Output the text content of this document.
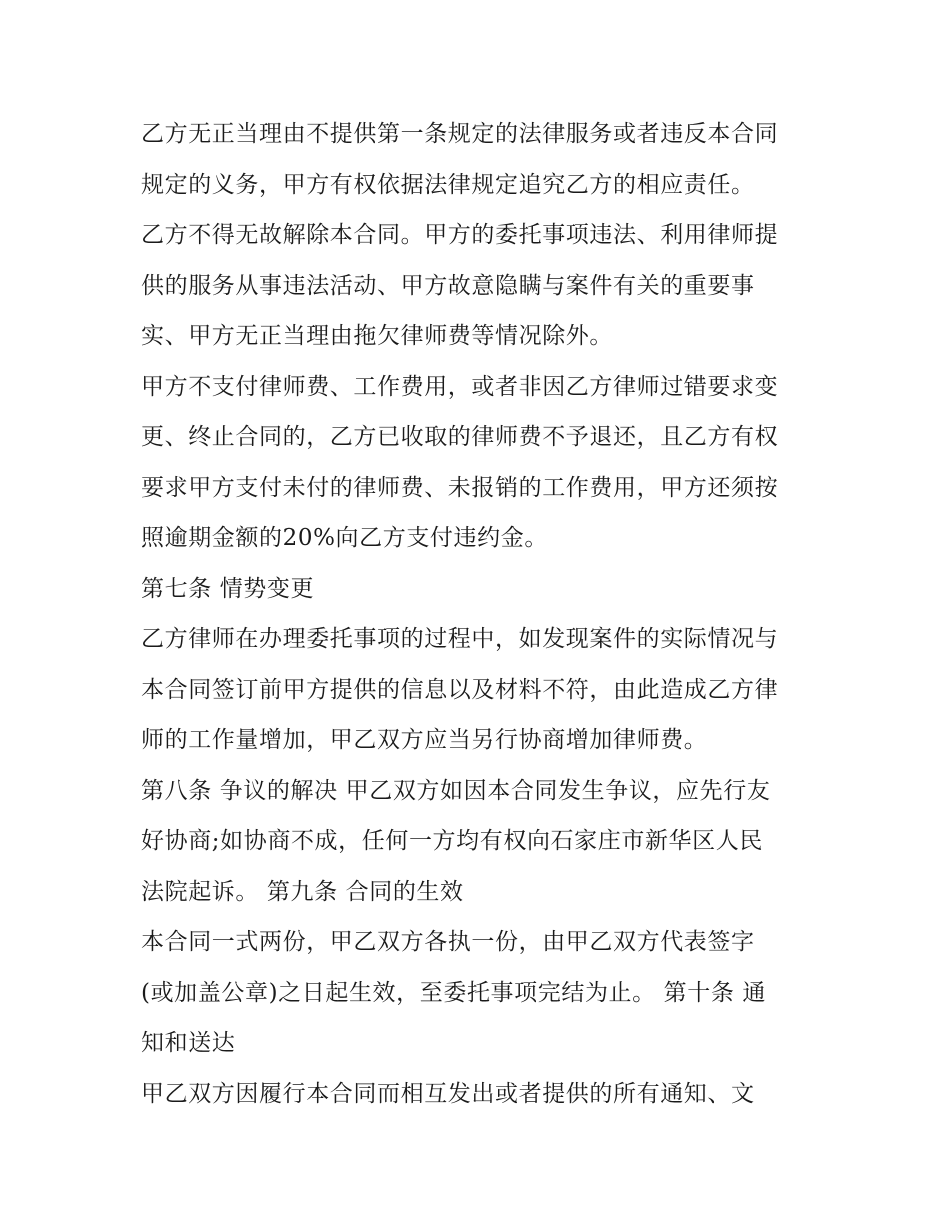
乙方无正当理由不提供第一条规定的法律服务或者违反本合同
规定的义务，甲方有权依据法律规定追究乙方的相应责任。
乙方不得无故解除本合同。甲方的委托事项违法、利用律师提
供的服务从事违法活动、甲方故意隐瞒与案件有关的重要事
实、甲方无正当理由拖欠律师费等情况除外。
甲方不支付律师费、工作费用，或者非因乙方律师过错要求变
更、终止合同的，乙方已收取的律师费不予退还，且乙方有权
要求甲方支付未付的律师费、未报销的工作费用，甲方还须按
照逾期金额的20%向乙方支付违约金。
第七条 情势变更
乙方律师在办理委托事项的过程中，如发现案件的实际情况与
本合同签订前甲方提供的信息以及材料不符，由此造成乙方律
师的工作量增加，甲乙双方应当另行协商增加律师费。
第八条 争议的解决 甲乙双方如因本合同发生争议，应先行友
好协商;如协商不成，任何一方均有权向石家庄市新华区人民
法院起诉。 第九条 合同的生效
本合同一式两份，甲乙双方各执一份，由甲乙双方代表签字
(或加盖公章)之日起生效，至委托事项完结为止。 第十条 通
知和送达
甲乙双方因履行本合同而相互发出或者提供的所有通知、文
